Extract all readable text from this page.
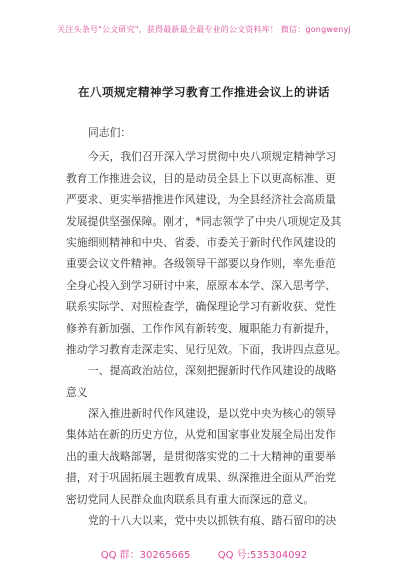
关注头条号"公文研究"，获得最新最全最专业的公文资料库！ 微信：gongwenyj
在八项规定精神学习教育工作推进会议上的讲话
同志们：
今天，我们召开深入学习贯彻中央八项规定精神学习
教育工作推进会议，目的是动员全县上下以更高标准、更
严要求、更实举措推进作风建设，为全县经济社会高质量
发展提供坚强保障。刚才，*同志领学了中央八项规定及其
实施细则精神和中央、省委、市委关于新时代作风建设的
重要会议文件精神。各级领导干部要以身作则，率先垂范
全身心投入到学习研讨中来，原原本本学、深入思考学、
联系实际学、对照检查学，确保理论学习有新收获、党性
修养有新加强、工作作风有新转变、履职能力有新提升，
推动学习教育走深走实、见行见效。下面，我讲四点意见。
一、提高政治站位，深刻把握新时代作风建设的战略
意义
深入推进新时代作风建设，是以党中央为核心的领导
集体站在新的历史方位，从党和国家事业发展全局出发作
出的重大战略部署，是贯彻落实党的二十大精神的重要举
措，对于巩固拓展主题教育成果、纵深推进全面从严治党
密切党同人民群众血肉联系具有重大而深远的意义。
党的十八大以来，党中央以抓铁有痕、踏石留印的决
QQ 群：30265665	QQ 号:535304092
